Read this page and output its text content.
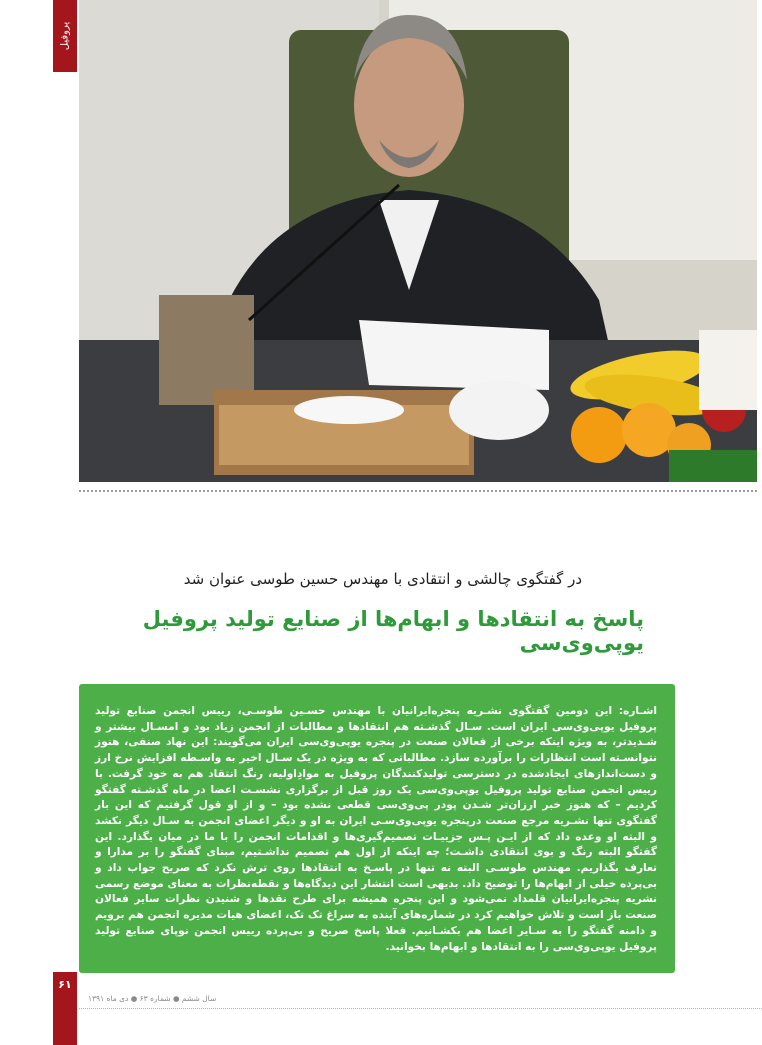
پروفیل
در گفتگوی چالشی و انتقادی با مهندس حسین طوسی عنوان شد
پاسخ به انتقادها و ابهام‌ها از صنایع تولید پروفیل یوپی‌وی‌سی

اشـاره: این دومین گفتگوی نشـریه پنجره‌ایرانیان با مهندس حسـین طوسـی، رییس انجمن صنایع تولید پروفیل یوپی‌وی‌سی ایران است. سـال گذشـته هم انتقادها و مطالبات از انجمن زیاد بود و امسـال بیشتر و شـدیدتر، به ویژه اینکه برخی از فعالان صنعت در پنجره یوپی‌وی‌سی ایران می‌گویند: این نهاد صنفی، هنوز نتوانسـته است انتظارات را برآورده سازد. مطالباتی که به ویژه در یک سـال اخیر به واسـطه افزایش نرخ ارز و دست‌اندازهای ایجادشده در دسترسی تولیدکنندگان پروفیل به موادِاولیه، رنگ انتقاد هم به خود گرفت. با رییس انجمن صنایع تولید پروفیل یوپی‌وی‌سی یک روز قبل از برگزاری نشسـت اعضا در ماه گذشـته گفتگو کردیم – که هنوز خبر ارزان‌تر شـدن پودر پی‌وی‌سی قطعی نشده بود – و از او قول گرفتیم که این بار گفتگوی تنها نشـریه مرجع صنعت درپنجره یوپی‌وی‌سـی ایران به او و دیگر اعضای انجمن به سـال دیگر نکشد و البته او وعده داد که از ایـن پـس جزییـات تصمیم‌گیری‌ها و اقدامات انجمن را با ما در میان بگذارد. این گفتگو البته رنگ و بوی انتقادی داشـت؛ چه اینکه از اول هم تصمیم نداشـتیم، مبنای گفتگو را بر مدارا و تعارف بگذاریم. مهندس طوسـی البته نه تنها در پاسـخ به انتقادها روی ترش نکرد که صریح جواب داد و بی‌پرده خیلی از ابهام‌ها را توضیح داد. بدیهی است انتشار این دیدگاه‌ها و نقطه‌نظرات به معنای موضع رسمی نشریه پنجره‌ایرانیان قلمداد نمی‌شود و این پنجره همیشه برای طرح نقدها و شنیدن نظرات سایر فعالان صنعت باز است و تلاش خواهیم کرد در شماره‌های آینده به سراغ تک تک، اعضای هیات مدیره انجمن هم برویم و دامنه گفتگو را به سـایر اعضا هم بکشـانیم. فعلا پاسخ صریح و بی‌پرده رییس انجمن نوپای صنایع تولید پروفیل یوپی‌وی‌سی را به انتقادها و ابهام‌ها بخوانید.

۶۱
سال ششم ● شماره ۶۳ ● دی ماه ۱۳۹۱
